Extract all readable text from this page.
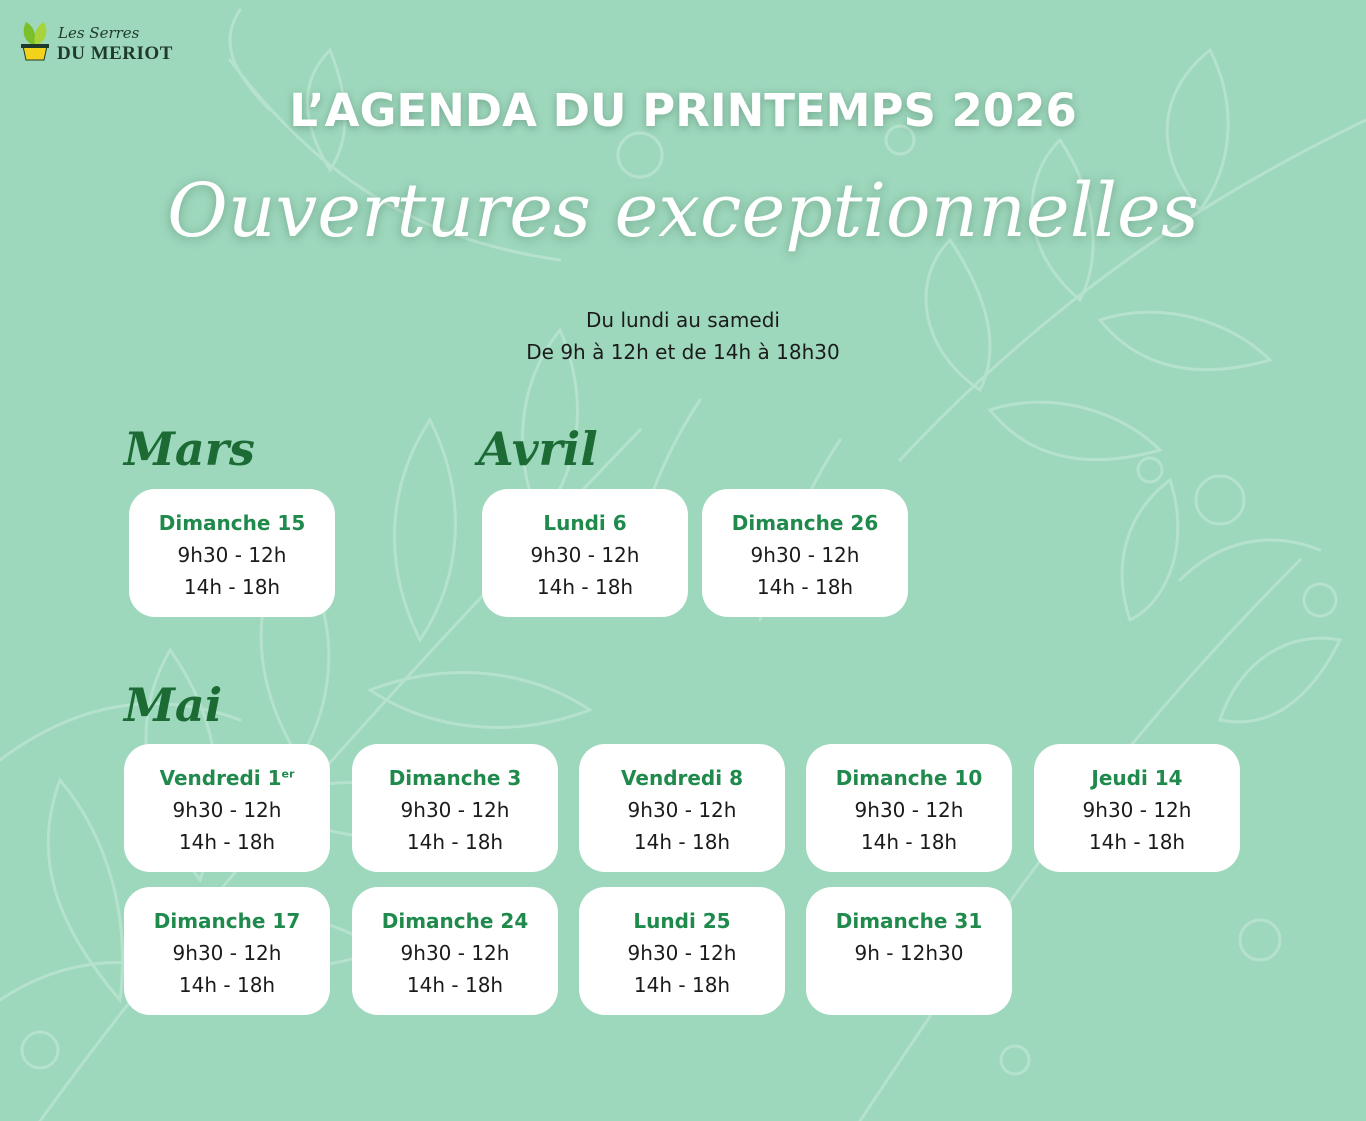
Les Serres
DU MERIOT
L’AGENDA DU PRINTEMPS 2026
Ouvertures exceptionnelles
Du lundi au samedi
De 9h à 12h et de 14h à 18h30
Mars
Dimanche 15
9h30 - 12h
14h - 18h
Avril
Lundi 6
9h30 - 12h
14h - 18h
Dimanche 26
9h30 - 12h
14h - 18h
Mai
Vendredi 1er
9h30 - 12h
14h - 18h
Dimanche 3
9h30 - 12h
14h - 18h
Vendredi 8
9h30 - 12h
14h - 18h
Dimanche 10
9h30 - 12h
14h - 18h
Jeudi 14
9h30 - 12h
14h - 18h
Dimanche 17
9h30 - 12h
14h - 18h
Dimanche 24
9h30 - 12h
14h - 18h
Lundi 25
9h30 - 12h
14h - 18h
Dimanche 31
9h - 12h30
